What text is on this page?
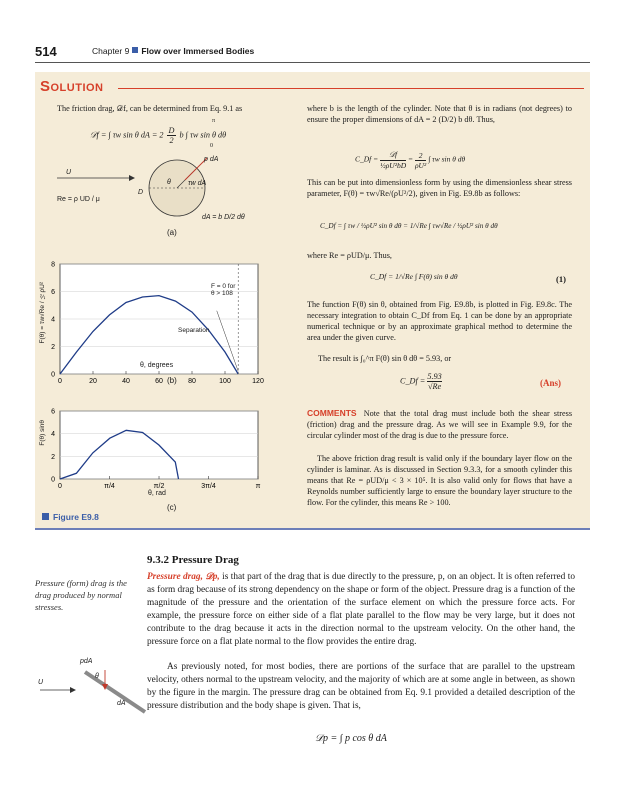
514	Chapter 9 Flow over Immersed Bodies
Solution
The friction drag, 𝒟f, can be determined from Eq. 9.1 as
𝒟f = ∫ τw sin θ dA = $2 \frac{D}{2}$ b ∫ τw sin θ dθ
π
0
U
Re = ρ UD / μ
θ
D
p dA
τw dA
dA = b D/2 dθ
(a)
0
2
4
6
8
0	20	40	60	80	100	120
F(θ) = τw√Re / ½ρU²	F = 0 for
θ > 108
Separation
θ, degrees
(b)
0
2
4
6
0	π/4	π/2	3π/4	π
F(θ) sinθ
θ, rad
(c)
Figure E9.8
where b is the length of the cylinder. Note that θ is in radians (not degrees) to ensure the proper dimensions of dA = 2 (D/2) b dθ. Thus,
C_Df =
𝒟f
½ρU²bD
= $\frac{2}{\text{ρU²}}$ ∫ τw sin θ dθ
This can be put into dimensionless form by using the dimensionless shear stress parameter, F(θ) = τw√Re/(ρU²/2), given in Fig. E9.8b as follows:
C_Df = ∫ τw / ½ρU² sin θ dθ = 1/√Re ∫ τw√Re / ½ρU² sin θ dθ
where Re = ρUD/μ. Thus,
C_Df = 1/√Re ∫ F(θ) sin θ dθ	(1)
The function F(θ) sin θ, obtained from Fig. E9.8b, is plotted in Fig. E9.8c. The necessary integration to obtain C_Df from Eq. 1 can be done by an appropriate numerical technique or by an approximate graphical method to determine the area under the given curve.
The result is ∫₀^π F(θ) sin θ dθ = 5.93, or
C_Df = $\frac{5.93}{√Re}$	(Ans)
COMMENTS Note that the total drag must include both the shear stress (friction) drag and the pressure drag. As we will see in Example 9.9, for the circular cylinder most of the drag is due to the pressure force.
The above friction drag result is valid only if the boundary layer flow on the cylinder is laminar. As is discussed in Section 9.3.3, for a smooth cylinder this means that Re = ρUD/μ < 3 × 10⁵. It is also valid only for flows that have a Reynolds number sufficiently large to ensure the boundary layer structure to the flow. For the cylinder, this means Re > 100.
9.3.2 Pressure Drag
Pressure (form) drag is the drag produced by normal stresses.
Pressure drag, 𝒟p, is that part of the drag that is due directly to the pressure, p, on an object. It is often referred to as form drag because of its strong dependency on the shape or form of the object. Pressure drag is a function of the magnitude of the pressure and the orientation of the surface element on which the pressure force acts. For example, the pressure force on either side of a flat plate parallel to the flow may be very large, but it does not contribute to the drag because it acts in the direction normal to the upstream velocity. On the other hand, the pressure force on a flat plate normal to the flow provides the entire drag.
As previously noted, for most bodies, there are portions of the surface that are parallel to the upstream velocity, others normal to the upstream velocity, and the majority of which are at some angle in between, as shown by the figure in the margin. The pressure drag can be obtained from Eq. 9.1 provided a detailed description of the pressure distribution and the body shape is given. That is,
𝒟p = ∫ p cos θ dA
pdA
θ
U
dA
